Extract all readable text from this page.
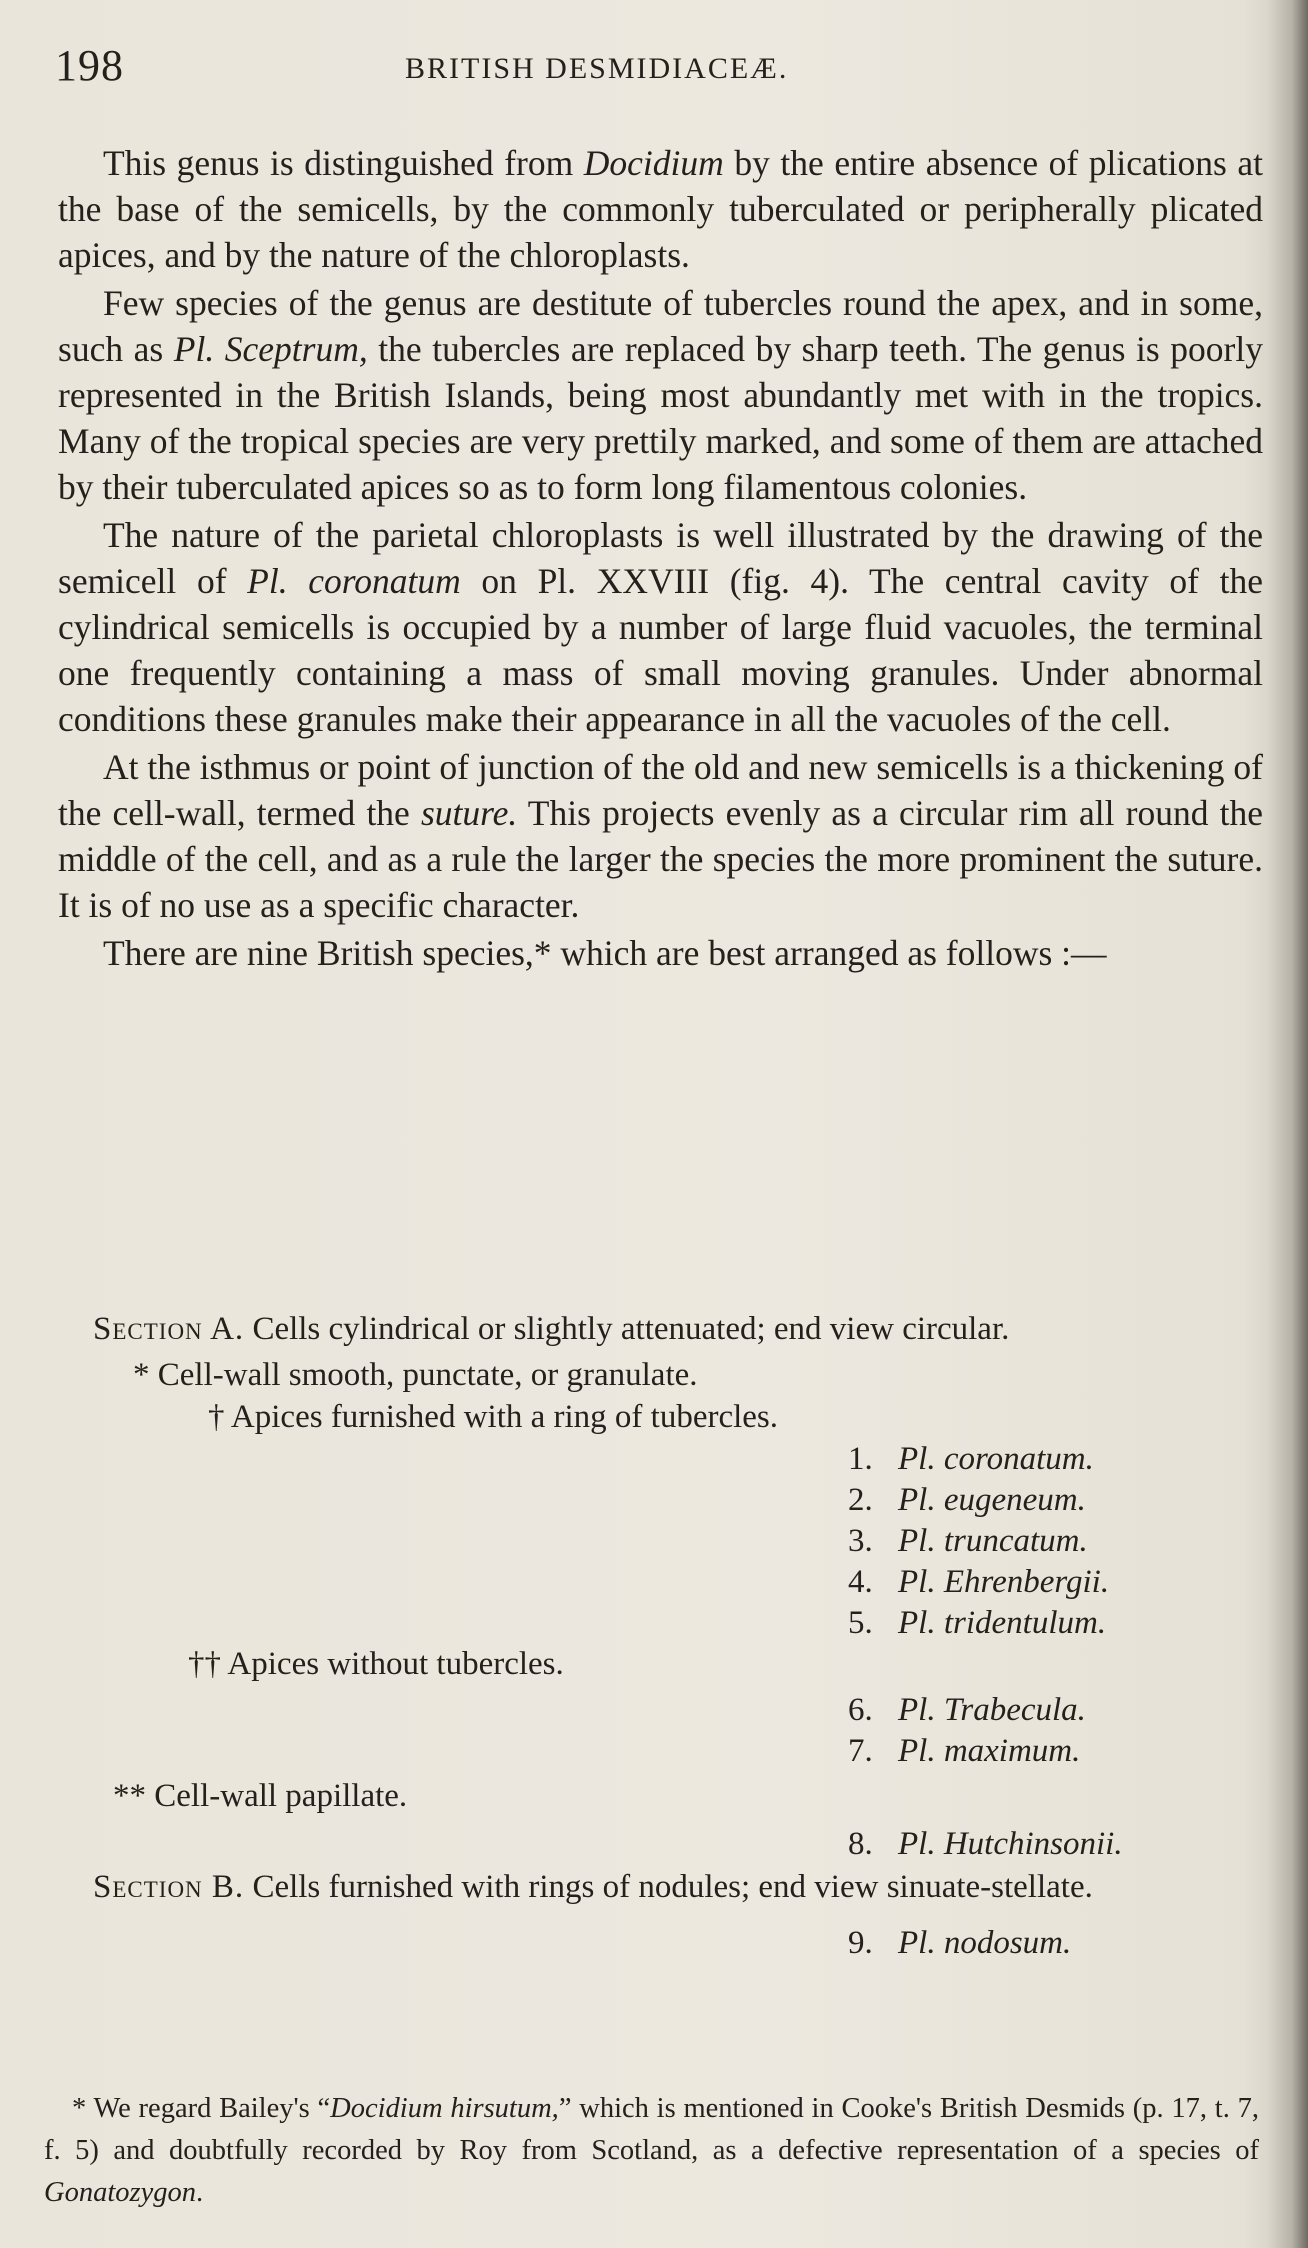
198	BRITISH DESMIDIACEÆ.

This genus is distinguished from Docidium by the entire absence of plications at the base of the semicells, by the commonly tuberculated or peripherally plicated apices, and by the nature of the chloroplasts.

Few species of the genus are destitute of tubercles round the apex, and in some, such as Pl. Sceptrum, the tubercles are replaced by sharp teeth. The genus is poorly represented in the British Islands, being most abundantly met with in the tropics. Many of the tropical species are very prettily marked, and some of them are attached by their tuberculated apices so as to form long filamentous colonies.

The nature of the parietal chloroplasts is well illustrated by the drawing of the semicell of Pl. coronatum on Pl. XXVIII (fig. 4). The central cavity of the cylindrical semicells is occupied by a number of large fluid vacuoles, the terminal one frequently containing a mass of small moving granules. Under abnormal conditions these granules make their appearance in all the vacuoles of the cell.

At the isthmus or point of junction of the old and new semicells is a thickening of the cell-wall, termed the suture. This projects evenly as a circular rim all round the middle of the cell, and as a rule the larger the species the more prominent the suture. It is of no use as a specific character.

There are nine British species,* which are best arranged as follows :—

Section A. Cells cylindrical or slightly attenuated; end view circular.

* Cell-wall smooth, punctate, or granulate.
† Apices furnished with a ring of tubercles.
1. Pl. coronatum.
2. Pl. eugeneum.
3. Pl. truncatum.
4. Pl. Ehrenbergii.
5. Pl. tridentulum.
†† Apices without tubercles.
6. Pl. Trabecula.
7. Pl. maximum.
** Cell-wall papillate.
8. Pl. Hutchinsonii.

Section B. Cells furnished with rings of nodules; end view sinuate-stellate.

9. Pl. nodosum.

* We regard Bailey's “Docidium hirsutum,” which is mentioned in Cooke's British Desmids (p. 17, t. 7, f. 5) and doubtfully recorded by Roy from Scotland, as a defective representation of a species of Gonatozygon.
